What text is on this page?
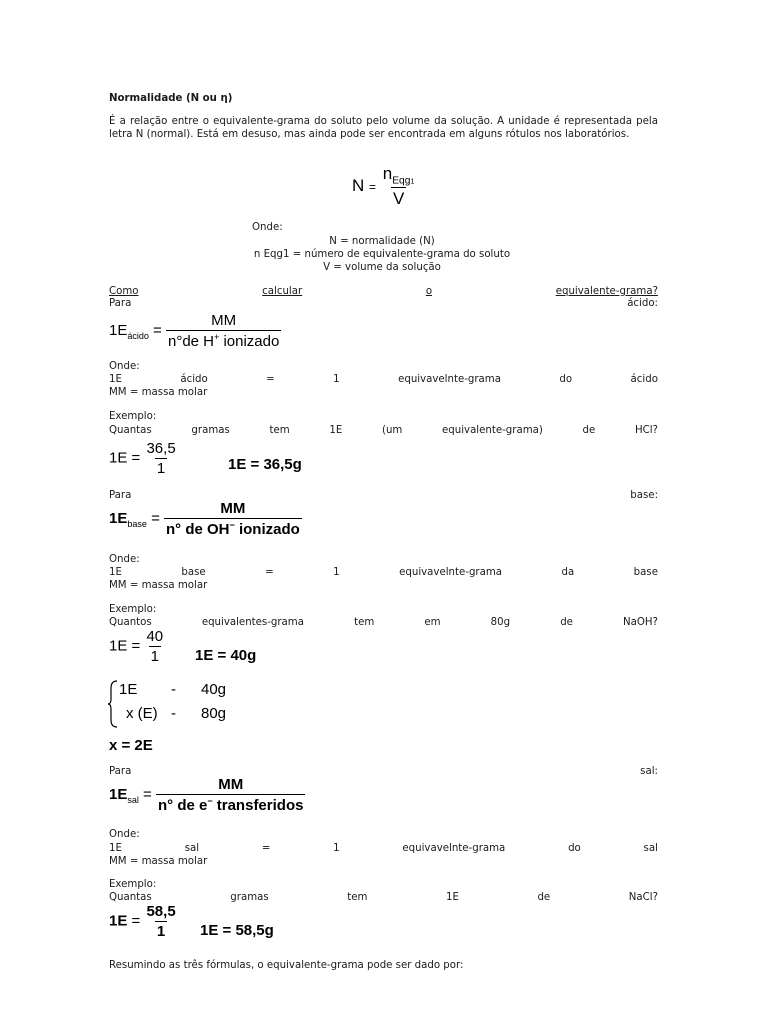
Normalidade (N ou η)
É a relação entre o equivalente-grama do soluto pelo volume da solução. A unidade é representada pela letra N (normal). Está em desuso, mas ainda pode ser encontrada em alguns rótulos nos laboratórios.
$N = \frac{n_{Eqg1}}{V}$
Onde:
N = normalidade (N)
n Eqg1 = número de equivalente-grama do soluto
V = volume da solução
Como	calcular	o	equivalente-grama?
Para	ácido:
$1E_{ácido} = \frac{MM}{n^\circ de H^+ ionizado}$
Onde:
1E	ácido	=	1	equivavelnte-grama	do	ácido
MM = massa molar
Exemplo:
Quantas	gramas	tem	1E	(um	equivalente-grama)	de	HCl?
$1E = \frac{36,5}{1}$	1E = 36,5g
Para	base:
$1E_{base} = \frac{MM}{n^\circ de OH^- ionizado}$
Onde:
1E	base	=	1	equivavelnte-grama	da	base
MM = massa molar
Exemplo:
Quantos	equivalentes-grama	tem	em	80g	de	NaOH?
$1E = \frac{40}{1} 1E = 40g$
1E - 40g
x (E) - 80g
x = 2E
Para	sal:
$1E_{sal} = \frac{MM}{n^\circ de e^- transferidos}$
Onde:
1E	sal	=	1	equivavelnte-grama	do	sal
MM = massa molar
Exemplo:
Quantas	gramas	tem	1E	de	NaCl?
$1E = \frac{58,5}{1} 1E = 58,5g$
Resumindo as três fórmulas, o equivalente-grama pode ser dado por:
